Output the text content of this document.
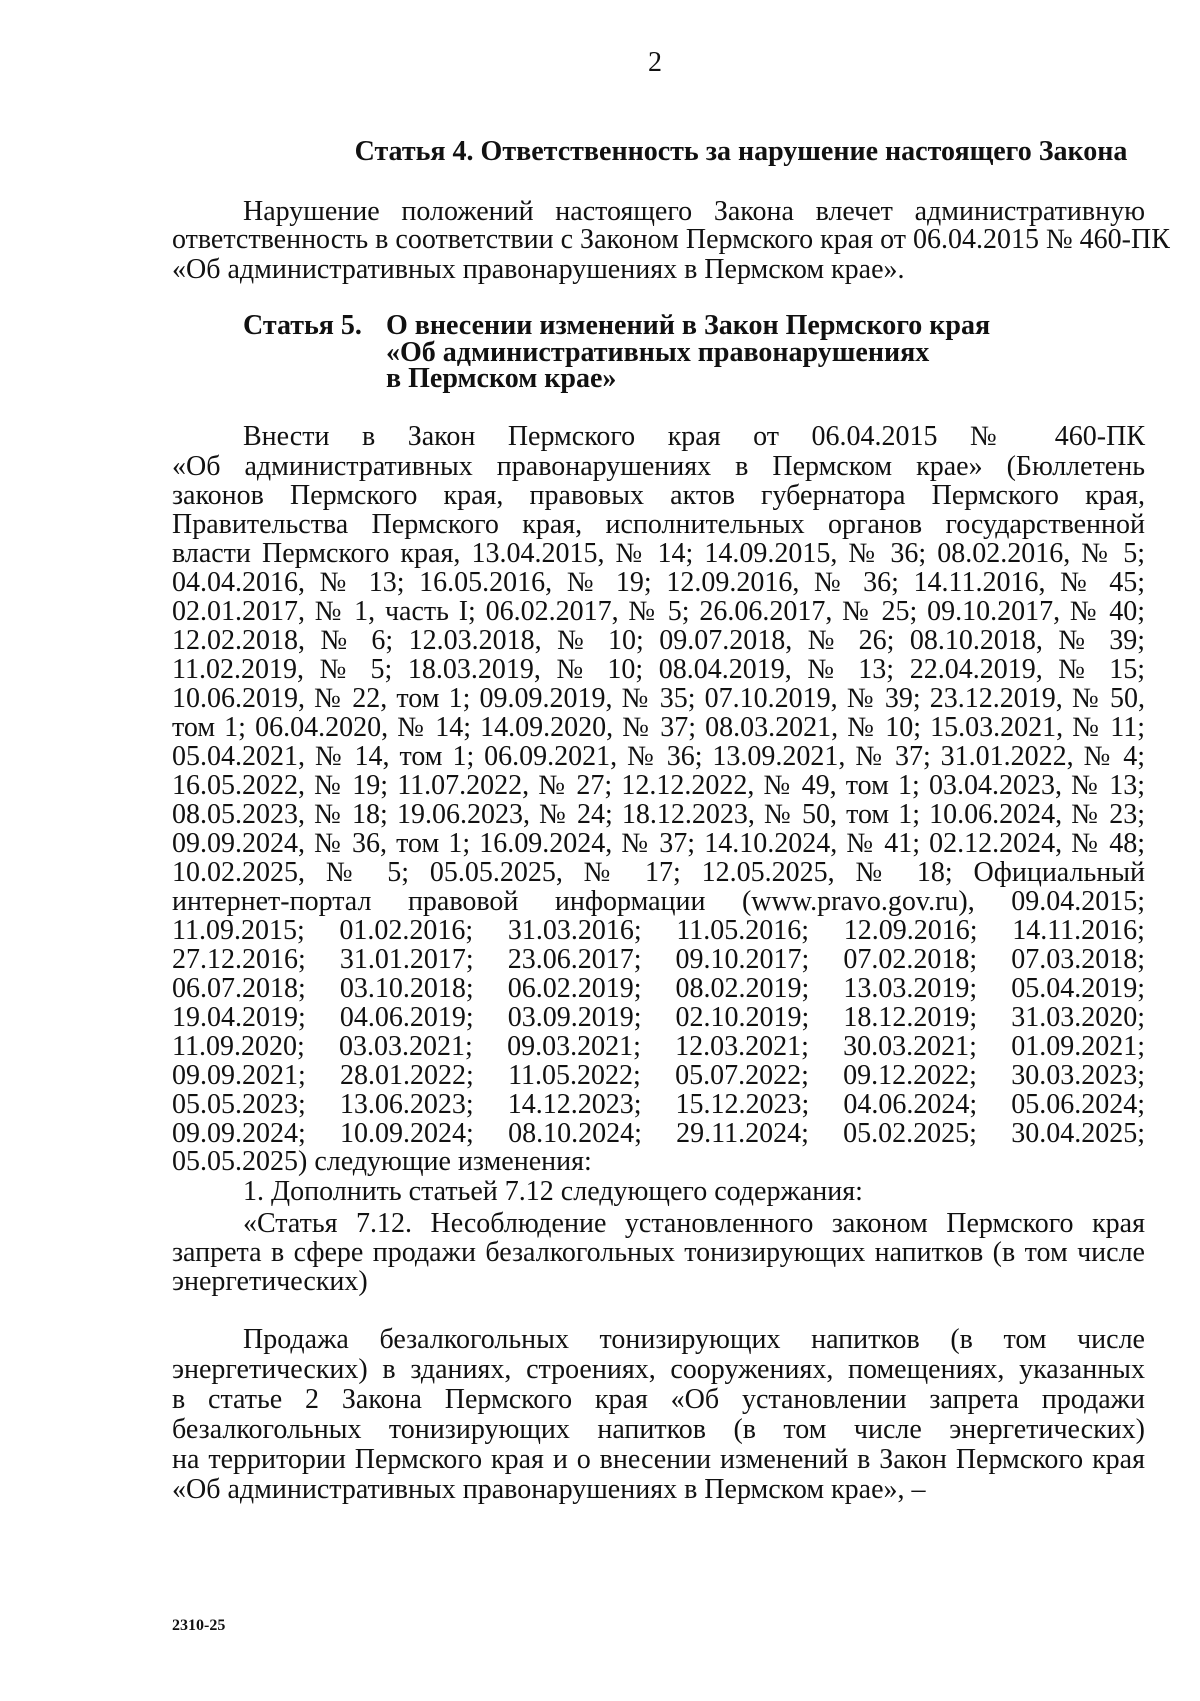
2
Статья 4. Ответственность за нарушение настоящего Закона
Нарушение положений настоящего Закона влечет административную
ответственность в соответствии с Законом Пермского края от 06.04.2015 № 460-ПК
«Об административных правонарушениях в Пермском крае».
Статья 5. О внесении изменений в Закон Пермского края
«Об административных правонарушениях
в Пермском крае»
Внести в Закон Пермского края от 06.04.2015 № 460-ПК
«Об административных правонарушениях в Пермском крае» (Бюллетень
законов Пермского края, правовых актов губернатора Пермского края,
Правительства Пермского края, исполнительных органов государственной
власти Пермского края, 13.04.2015, № 14; 14.09.2015, № 36; 08.02.2016, № 5;
04.04.2016, № 13; 16.05.2016, № 19; 12.09.2016, № 36; 14.11.2016, № 45;
02.01.2017, № 1, часть I; 06.02.2017, № 5; 26.06.2017, № 25; 09.10.2017, № 40;
12.02.2018, № 6; 12.03.2018, № 10; 09.07.2018, № 26; 08.10.2018, № 39;
11.02.2019, № 5; 18.03.2019, № 10; 08.04.2019, № 13; 22.04.2019, № 15;
10.06.2019, № 22, том 1; 09.09.2019, № 35; 07.10.2019, № 39; 23.12.2019, № 50,
том 1; 06.04.2020, № 14; 14.09.2020, № 37; 08.03.2021, № 10; 15.03.2021, № 11;
05.04.2021, № 14, том 1; 06.09.2021, № 36; 13.09.2021, № 37; 31.01.2022, № 4;
16.05.2022, № 19; 11.07.2022, № 27; 12.12.2022, № 49, том 1; 03.04.2023, № 13;
08.05.2023, № 18; 19.06.2023, № 24; 18.12.2023, № 50, том 1; 10.06.2024, № 23;
09.09.2024, № 36, том 1; 16.09.2024, № 37; 14.10.2024, № 41; 02.12.2024, № 48;
10.02.2025, № 5; 05.05.2025, № 17; 12.05.2025, № 18; Официальный
интернет-портал правовой информации (www.pravo.gov.ru), 09.04.2015;
11.09.2015; 01.02.2016; 31.03.2016; 11.05.2016; 12.09.2016; 14.11.2016;
27.12.2016; 31.01.2017; 23.06.2017; 09.10.2017; 07.02.2018; 07.03.2018;
06.07.2018; 03.10.2018; 06.02.2019; 08.02.2019; 13.03.2019; 05.04.2019;
19.04.2019; 04.06.2019; 03.09.2019; 02.10.2019; 18.12.2019; 31.03.2020;
11.09.2020; 03.03.2021; 09.03.2021; 12.03.2021; 30.03.2021; 01.09.2021;
09.09.2021; 28.01.2022; 11.05.2022; 05.07.2022; 09.12.2022; 30.03.2023;
05.05.2023; 13.06.2023; 14.12.2023; 15.12.2023; 04.06.2024; 05.06.2024;
09.09.2024; 10.09.2024; 08.10.2024; 29.11.2024; 05.02.2025; 30.04.2025;
05.05.2025) следующие изменения:
1. Дополнить статьей 7.12 следующего содержания:
«Статья 7.12. Несоблюдение установленного законом Пермского края
запрета в сфере продажи безалкогольных тонизирующих напитков (в том числе
энергетических)
Продажа безалкогольных тонизирующих напитков (в том числе
энергетических) в зданиях, строениях, сооружениях, помещениях, указанных
в статье 2 Закона Пермского края «Об установлении запрета продажи
безалкогольных тонизирующих напитков (в том числе энергетических)
на территории Пермского края и о внесении изменений в Закон Пермского края
«Об административных правонарушениях в Пермском крае», –
2310-25
